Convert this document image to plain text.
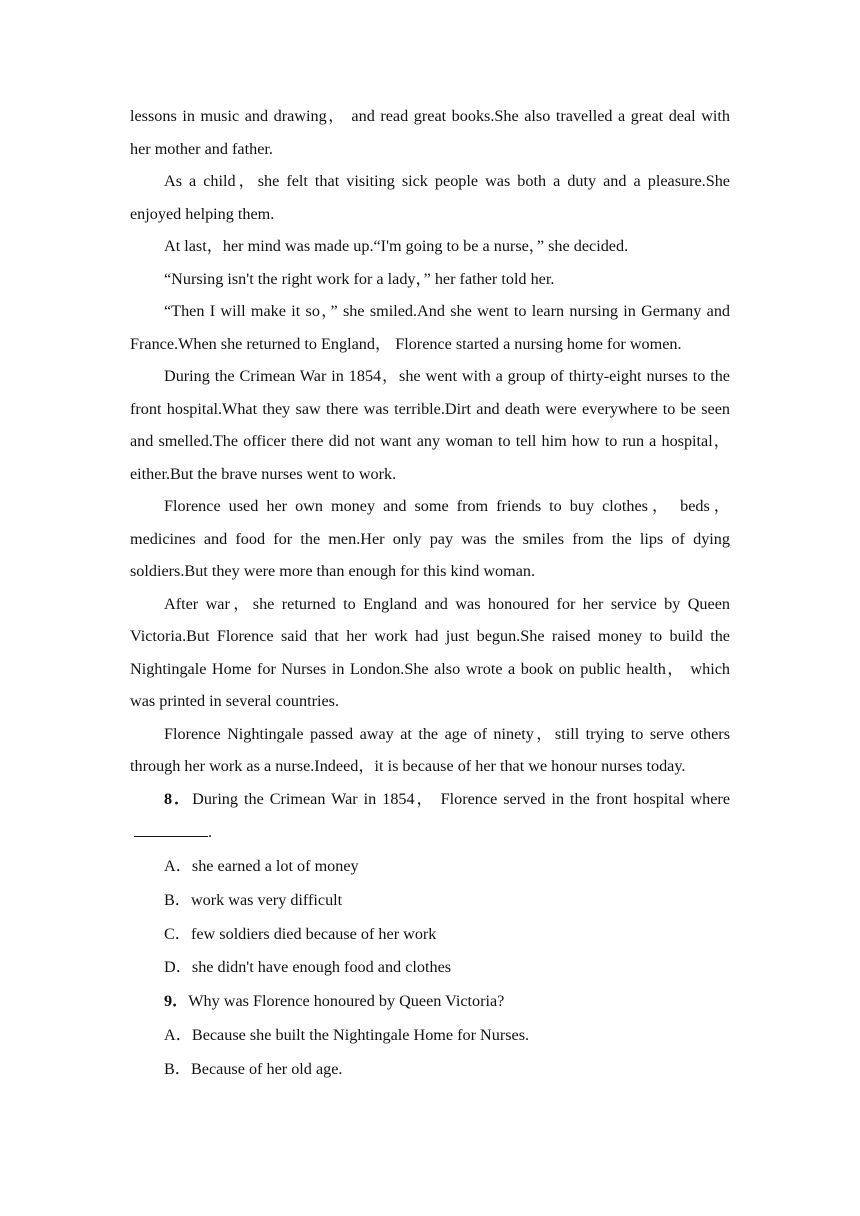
lessons in music and drawing， and read great books.She also travelled a great deal with her mother and father.

As a child，she felt that visiting sick people was both a duty and a pleasure.She enjoyed helping them.

At last，her mind was made up.“I'm going to be a nurse，” she decided.

“Nursing isn't the right work for a lady，” her father told her.

“Then I will make it so，” she smiled.And she went to learn nursing in Germany and France.When she returned to England， Florence started a nursing home for women.

During the Crimean War in 1854，she went with a group of thirty-eight nurses to the front hospital.What they saw there was terrible.Dirt and death were everywhere to be seen and smelled.The officer there did not want any woman to tell him how to run a hospital，either.But the brave nurses went to work.

Florence used her own money and some from friends to buy clothes， beds， medicines and food for the men.Her only pay was the smiles from the lips of dying soldiers.But they were more than enough for this kind woman.

After war，she returned to England and was honoured for her service by Queen Victoria.But Florence said that her work had just begun.She raised money to build the Nightingale Home for Nurses in London.She also wrote a book on public health， which was printed in several countries.

Florence Nightingale passed away at the age of ninety，still trying to serve others through her work as a nurse.Indeed，it is because of her that we honour nurses today.

8．During the Crimean War in 1854， Florence served in the front hospital where.

A．she earned a lot of money

B．work was very difficult

C．few soldiers died because of her work

D．she didn't have enough food and clothes

9．Why was Florence honoured by Queen Victoria?

A．Because she built the Nightingale Home for Nurses.

B．Because of her old age.
